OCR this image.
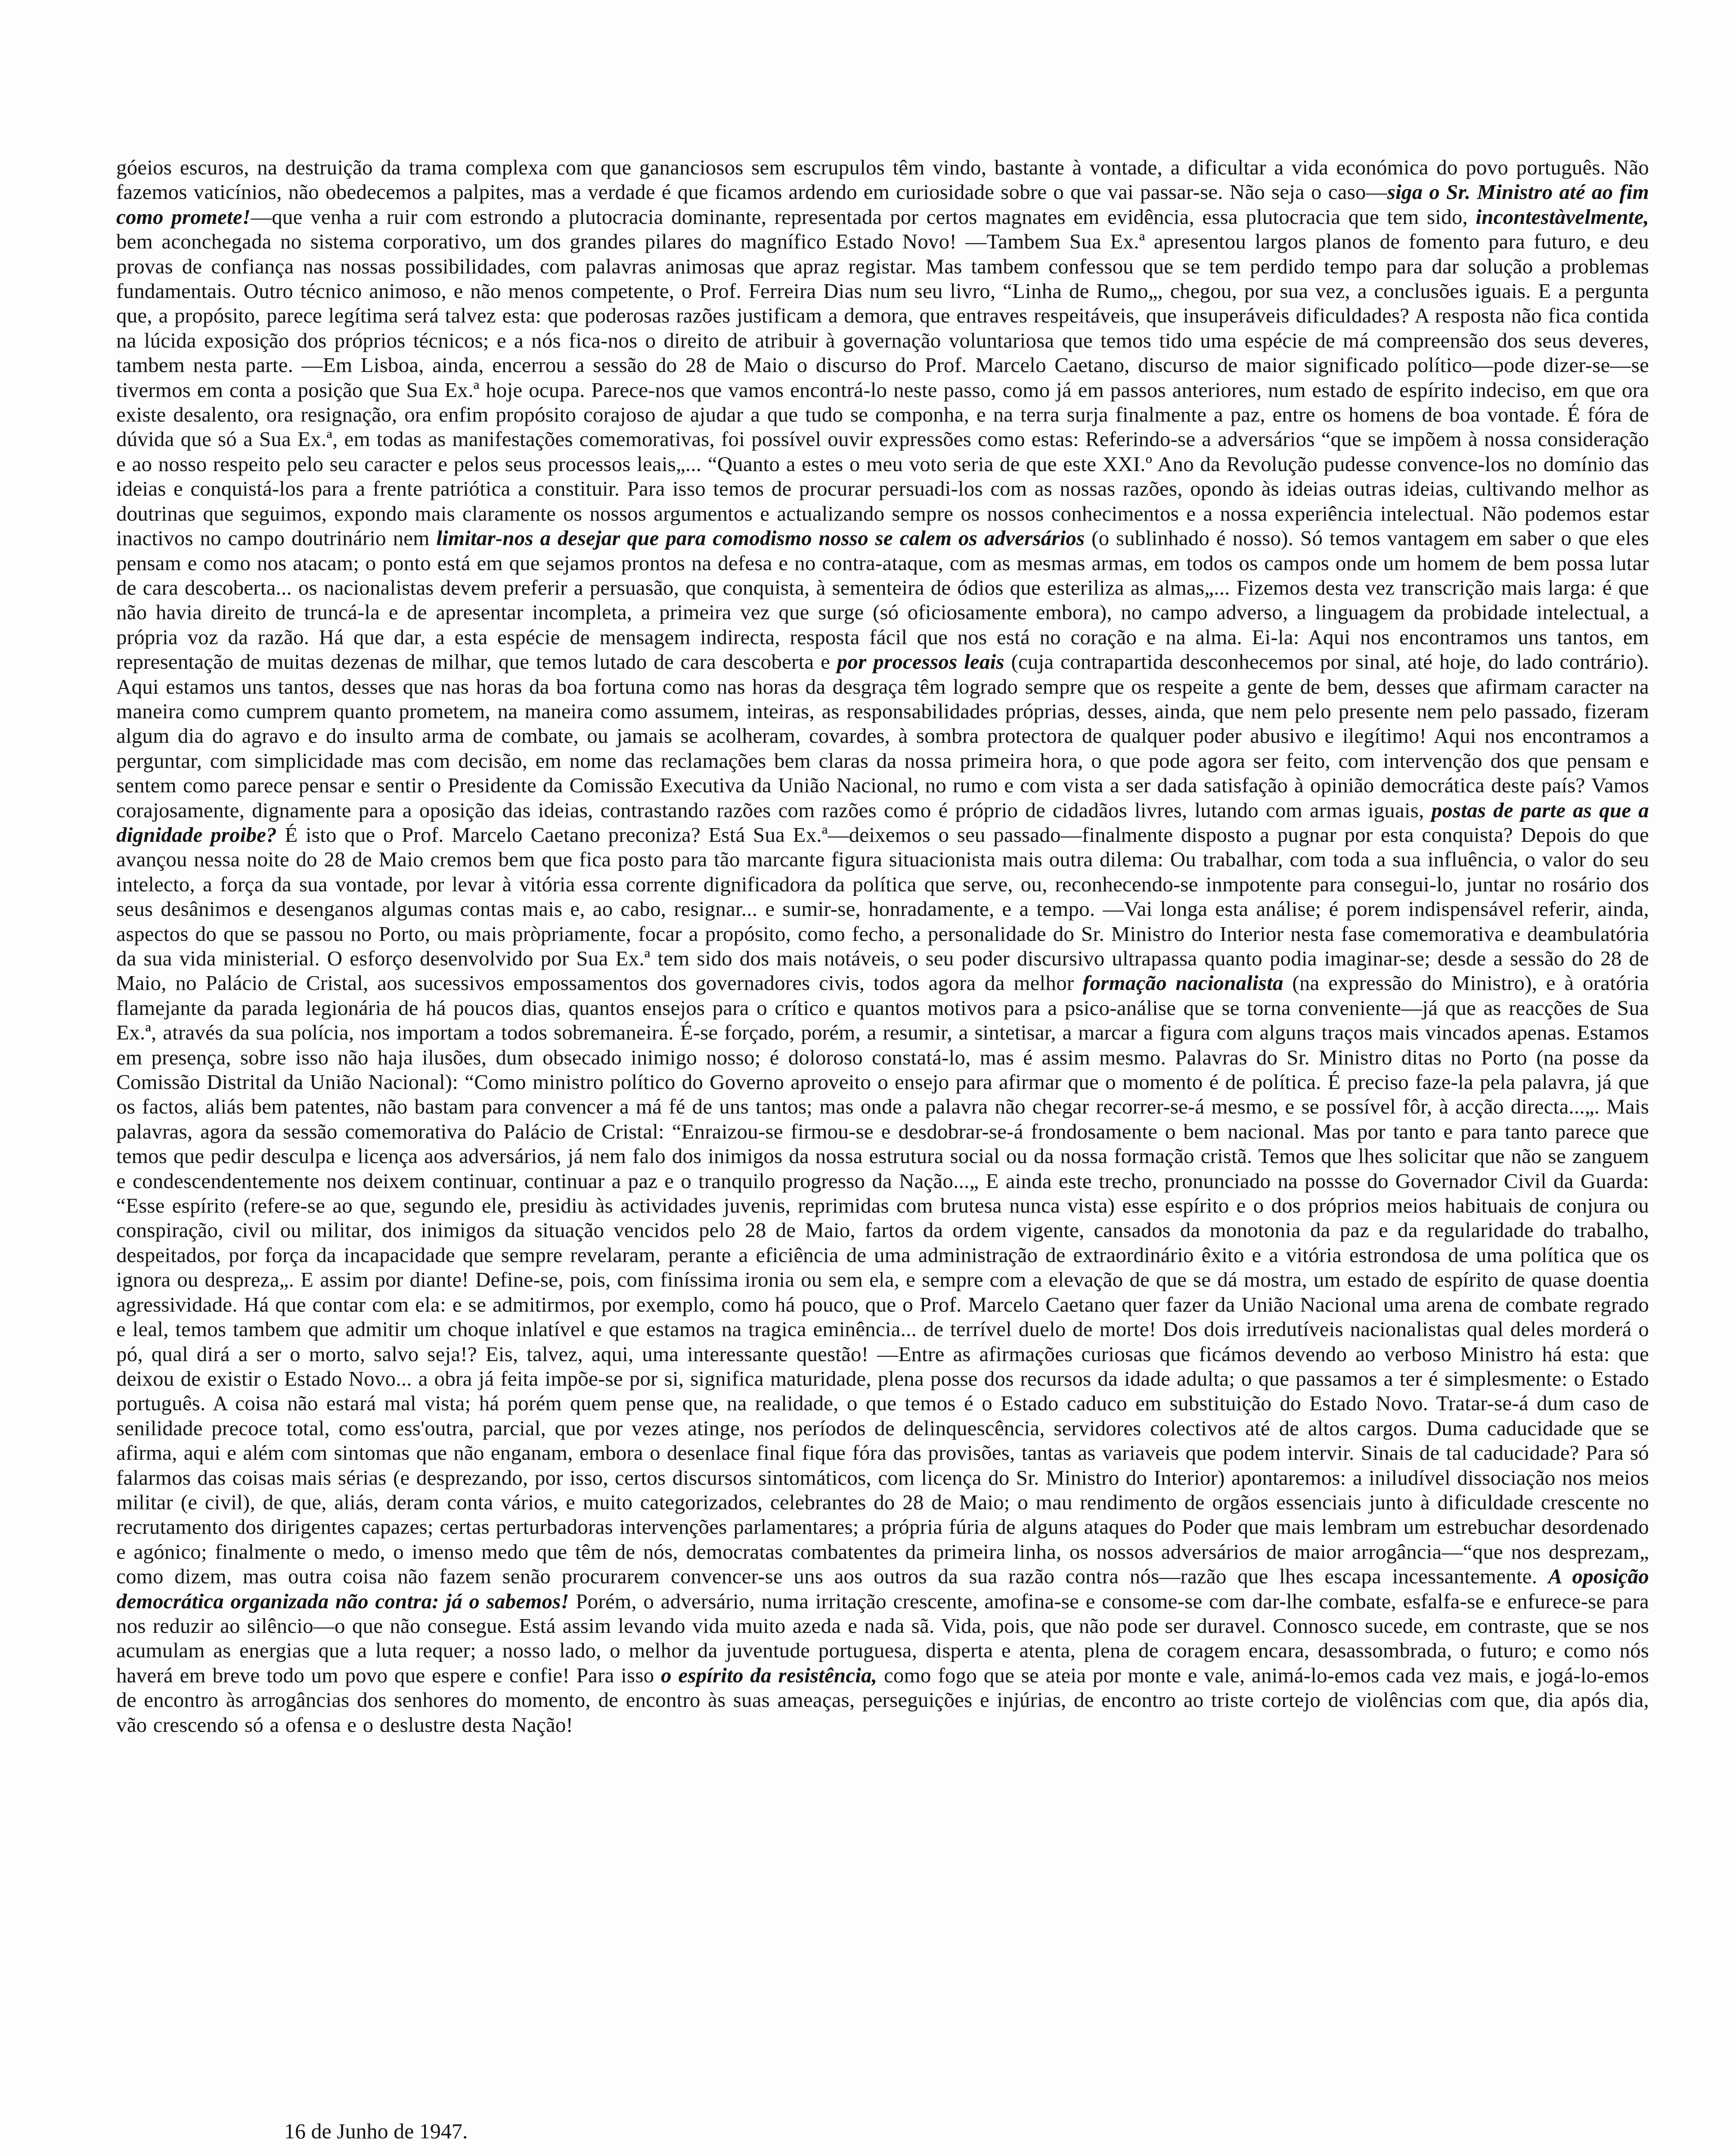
góeios escuros, na destruição da trama complexa com que gananciosos sem escrupulos têm vindo, bastante à vontade, a dificultar a vida económica do povo português. Não fazemos vaticínios, não obedecemos a palpites, mas a verdade é que ficamos ardendo em curiosidade sobre o que vai passar-se. Não seja o caso—siga o Sr. Ministro até ao fim como promete!—que venha a ruir com estrondo a plutocracia dominante, representada por certos magnates em evidência, essa plutocracia que tem sido, incontestàvelmente, bem aconchegada no sistema corporativo, um dos grandes pilares do magnífico Estado Novo! —Tambem Sua Ex.ª apresentou largos planos de fomento para futuro, e deu provas de confiança nas nossas possibilidades, com palavras animosas que apraz registar. Mas tambem confessou que se tem perdido tempo para dar solução a problemas fundamentais. Outro técnico animoso, e não menos competente, o Prof. Ferreira Dias num seu livro, “Linha de Rumo„, chegou, por sua vez, a conclusões iguais. E a pergunta que, a propósito, parece legítima será talvez esta: que poderosas razões justificam a demora, que entraves respeitáveis, que insuperáveis dificuldades? A resposta não fica contida na lúcida exposição dos próprios técnicos; e a nós fica-nos o direito de atribuir à governação voluntariosa que temos tido uma espécie de má compreensão dos seus deveres, tambem nesta parte. —Em Lisboa, ainda, encerrou a sessão do 28 de Maio o discurso do Prof. Marcelo Caetano, discurso de maior significado político—pode dizer-se—se tivermos em conta a posição que Sua Ex.ª hoje ocupa. Parece-nos que vamos encontrá-lo neste passo, como já em passos anteriores, num estado de espírito indeciso, em que ora existe desalento, ora resignação, ora enfim propósito corajoso de ajudar a que tudo se componha, e na terra surja finalmente a paz, entre os homens de boa vontade. É fóra de dúvida que só a Sua Ex.ª, em todas as manifestações comemorativas, foi possível ouvir expressões como estas: Referindo-se a adversários “que se impõem à nossa consideração e ao nosso respeito pelo seu caracter e pelos seus processos leais„... “Quanto a estes o meu voto seria de que este XXI.º Ano da Revolução pudesse convence-los no domínio das ideias e conquistá-los para a frente patriótica a constituir. Para isso temos de procurar persuadi-los com as nossas razões, opondo às ideias outras ideias, cultivando melhor as doutrinas que seguimos, expondo mais claramente os nossos argumentos e actualizando sempre os nossos conhecimentos e a nossa experiência intelectual. Não podemos estar inactivos no campo doutrinário nem limitar-nos a desejar que para comodismo nosso se calem os adversários (o sublinhado é nosso). Só temos vantagem em saber o que eles pensam e como nos atacam; o ponto está em que sejamos prontos na defesa e no contra-ataque, com as mesmas armas, em todos os campos onde um homem de bem possa lutar de cara descoberta... os nacionalistas devem preferir a persuasão, que conquista, à sementeira de ódios que esteriliza as almas„... Fizemos desta vez transcrição mais larga: é que não havia direito de truncá-la e de apresentar incompleta, a primeira vez que surge (só oficiosamente embora), no campo adverso, a linguagem da probidade intelectual, a própria voz da razão. Há que dar, a esta espécie de mensagem indirecta, resposta fácil que nos está no coração e na alma. Ei-la: Aqui nos encontramos uns tantos, em representação de muitas dezenas de milhar, que temos lutado de cara descoberta e por processos leais (cuja contrapartida desconhecemos por sinal, até hoje, do lado contrário). Aqui estamos uns tantos, desses que nas horas da boa fortuna como nas horas da desgraça têm logrado sempre que os respeite a gente de bem, desses que afirmam caracter na maneira como cumprem quanto prometem, na maneira como assumem, inteiras, as responsabilidades próprias, desses, ainda, que nem pelo presente nem pelo passado, fizeram algum dia do agravo e do insulto arma de combate, ou jamais se acolheram, covardes, à sombra protectora de qualquer poder abusivo e ilegítimo! Aqui nos encontramos a perguntar, com simplicidade mas com decisão, em nome das reclamações bem claras da nossa primeira hora, o que pode agora ser feito, com intervenção dos que pensam e sentem como parece pensar e sentir o Presidente da Comissão Executiva da União Nacional, no rumo e com vista a ser dada satisfação à opinião democrática deste país? Vamos corajosamente, dignamente para a oposição das ideias, contrastando razões com razões como é próprio de cidadãos livres, lutando com armas iguais, postas de parte as que a dignidade proibe? É isto que o Prof. Marcelo Caetano preconiza? Está Sua Ex.ª—deixemos o seu passado—finalmente disposto a pugnar por esta conquista? Depois do que avançou nessa noite do 28 de Maio cremos bem que fica posto para tão marcante figura situacionista mais outra dilema: Ou trabalhar, com toda a sua influência, o valor do seu intelecto, a força da sua vontade, por levar à vitória essa corrente dignificadora da política que serve, ou, reconhecendo-se inmpotente para consegui-lo, juntar no rosário dos seus desânimos e desenganos algumas contas mais e, ao cabo, resignar... e sumir-se, honradamente, e a tempo. —Vai longa esta análise; é porem indispensável referir, ainda, aspectos do que se passou no Porto, ou mais pròpriamente, focar a propósito, como fecho, a personalidade do Sr. Ministro do Interior nesta fase comemorativa e deambulatória da sua vida ministerial. O esforço desenvolvido por Sua Ex.ª tem sido dos mais notáveis, o seu poder discursivo ultrapassa quanto podia imaginar-se; desde a sessão do 28 de Maio, no Palácio de Cristal, aos sucessivos empossamentos dos governadores civis, todos agora da melhor formação nacionalista (na expressão do Ministro), e à oratória flamejante da parada legionária de há poucos dias, quantos ensejos para o crítico e quantos motivos para a psico-análise que se torna conveniente—já que as reacções de Sua Ex.ª, através da sua polícia, nos importam a todos sobremaneira. É-se forçado, porém, a resumir, a sintetisar, a marcar a figura com alguns traços mais vincados apenas. Estamos em presença, sobre isso não haja ilusões, dum obsecado inimigo nosso; é doloroso constatá-lo, mas é assim mesmo. Palavras do Sr. Ministro ditas no Porto (na posse da Comissão Distrital da União Nacional): “Como ministro político do Governo aproveito o ensejo para afirmar que o momento é de política. É preciso faze-la pela palavra, já que os factos, aliás bem patentes, não bastam para convencer a má fé de uns tantos; mas onde a palavra não chegar recorrer-se-á mesmo, e se possível fôr, à acção directa...„. Mais palavras, agora da sessão comemorativa do Palácio de Cristal: “Enraizou-se firmou-se e desdobrar-se-á frondosamente o bem nacional. Mas por tanto e para tanto parece que temos que pedir desculpa e licença aos adversários, já nem falo dos inimigos da nossa estrutura social ou da nossa formação cristã. Temos que lhes solicitar que não se zanguem e condescendentemente nos deixem continuar, continuar a paz e o tranquilo progresso da Nação...„ E ainda este trecho, pronunciado na possse do Governador Civil da Guarda: “Esse espírito (refere-se ao que, segundo ele, presidiu às actividades juvenis, reprimidas com brutesa nunca vista) esse espírito e o dos próprios meios habituais de conjura ou conspiração, civil ou militar, dos inimigos da situação vencidos pelo 28 de Maio, fartos da ordem vigente, cansados da monotonia da paz e da regularidade do trabalho, despeitados, por força da incapacidade que sempre revelaram, perante a eficiência de uma administração de extraordinário êxito e a vitória estrondosa de uma política que os ignora ou despreza„. E assim por diante! Define-se, pois, com finíssima ironia ou sem ela, e sempre com a elevação de que se dá mostra, um estado de espírito de quase doentia agressividade. Há que contar com ela: e se admitirmos, por exemplo, como há pouco, que o Prof. Marcelo Caetano quer fazer da União Nacional uma arena de combate regrado e leal, temos tambem que admitir um choque inlatível e que estamos na tragica eminência... de terrível duelo de morte! Dos dois irredutíveis nacionalistas qual deles morderá o pó, qual dirá a ser o morto, salvo seja!? Eis, talvez, aqui, uma interessante questão! —Entre as afirmações curiosas que ficámos devendo ao verboso Ministro há esta: que deixou de existir o Estado Novo... a obra já feita impõe-se por si, significa maturidade, plena posse dos recursos da idade adulta; o que passamos a ter é simplesmente: o Estado português. A coisa não estará mal vista; há porém quem pense que, na realidade, o que temos é o Estado caduco em substituição do Estado Novo. Tratar-se-á dum caso de senilidade precoce total, como ess'outra, parcial, que por vezes atinge, nos períodos de delinquescência, servidores colectivos até de altos cargos. Duma caducidade que se afirma, aqui e além com sintomas que não enganam, embora o desenlace final fique fóra das provisões, tantas as variaveis que podem intervir. Sinais de tal caducidade? Para só falarmos das coisas mais sérias (e desprezando, por isso, certos discursos sintomáticos, com licença do Sr. Ministro do Interior) apontaremos: a iniludível dissociação nos meios militar (e civil), de que, aliás, deram conta vários, e muito categorizados, celebrantes do 28 de Maio; o mau rendimento de orgãos essenciais junto à dificuldade crescente no recrutamento dos dirigentes capazes; certas perturbadoras intervenções parlamentares; a própria fúria de alguns ataques do Poder que mais lembram um estrebuchar desordenado e agónico; finalmente o medo, o imenso medo que têm de nós, democratas combatentes da primeira linha, os nossos adversários de maior arrogância—“que nos desprezam„ como dizem, mas outra coisa não fazem senão procurarem convencer-se uns aos outros da sua razão contra nós—razão que lhes escapa incessantemente. A oposição democrática organizada não contra: já o sabemos! Porém, o adversário, numa irritação crescente, amofina-se e consome-se com dar-lhe combate, esfalfa-se e enfurece-se para nos reduzir ao silêncio—o que não consegue. Está assim levando vida muito azeda e nada sã. Vida, pois, que não pode ser duravel. Connosco sucede, em contraste, que se nos acumulam as energias que a luta requer; a nosso lado, o melhor da juventude portuguesa, disperta e atenta, plena de coragem encara, desassombrada, o futuro; e como nós haverá em breve todo um povo que espere e confie! Para isso o espírito da resistência, como fogo que se ateia por monte e vale, animá-lo-emos cada vez mais, e jogá-lo-emos de encontro às arrogâncias dos senhores do momento, de encontro às suas ameaças, perseguições e injúrias, de encontro ao triste cortejo de violências com que, dia após dia, vão crescendo só a ofensa e o deslustre desta Nação!
16 de Junho de 1947.
